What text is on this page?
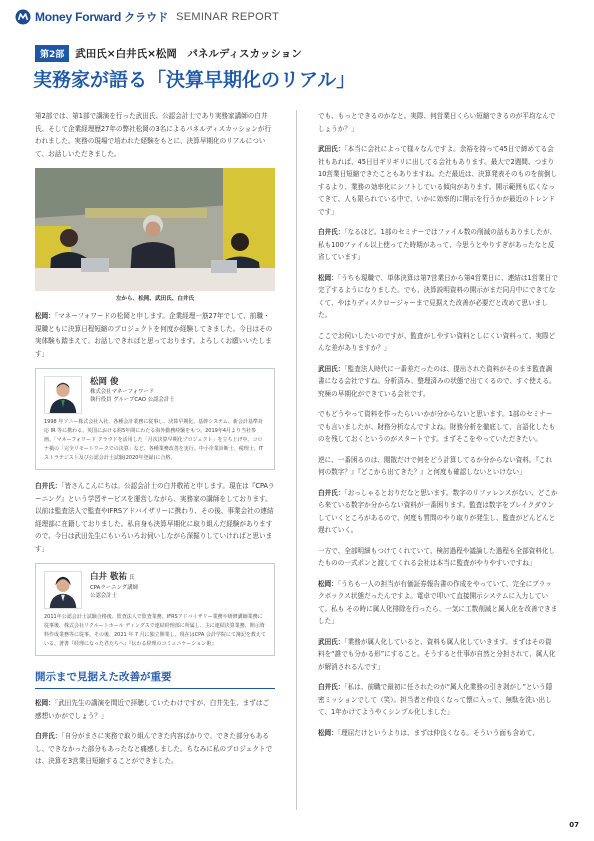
Money Forward クラウド SEMINAR REPORT
第2部	武田氏×白井氏×松岡　パネルディスカッション
実務家が語る「決算早期化のリアル」

第2部では、第1部で講演を行った武田氏、公認会計士であり実務家講師の白井氏、そして企業経理歴27年の弊社松岡の3名によるパネルディスカッションが行われました。実務の現場で培われた経験をもとに、決算早期化のリアルについて、お話しいただきました。

左から、松岡、武田氏、白井氏

松岡：「マネーフォワードの松岡と申します。企業経理一筋27年でして、前職・現職ともに決算日程短縮のプロジェクトを何度か経験してきました。今日はその実体験も踏まえて、お話しできればと思っております。よろしくお願いいたします」

松岡 俊
株式会社マネーフォワード
執行役員 グループCAO 公認会計士

1998 年ソニー株式会社入社。各種会計業務に従事し、決算早期化、基幹システム、新会計基準対応 IR 等に携わる。英国における約5年間にわたる海外勤務経験をもつ。2019年4月より当社参画。「マネーフォワード クラウドを活用した「月次決算早期化プロジェクト」を立ち上げ中。コロナ禍の「完全リモートワークでの決算」など、各種業務改善を実行。中小企業診断士、税理士、ITストラテジスト及び公認会計士試験(2020年登録)に合格。

白井氏：「皆さんこんにちは。公認会計士の白井敬祐と申します。現在は『CPAラーニング』という学習サービスを運営しながら、実務家の講師をしております。以前は監査法人で監査やIFRSアドバイザリーに携わり、その後、事業会社の連結経理部に在籍しておりました。私自身も決算早期化に取り組んだ経験がありますので、今日は武田先生にもいろいろお伺いしながら深掘りしていければと思います」

白井 敬祐 氏
CPAラーニング講師
公認会計士

2011年公認会計士試験合格後、監査法人で監査業務、IFRSアドバイザリー業務や研修講師業務に従事後、株式会社リクルートホール ディングスで連結経理部に所属し、主に連結決算業務、開示資料作成業務等に従事。その後、2021 年 7 月に独立開業し、現在はCPA 会計学院にて簿記を教えている。著書『経理になった君たちへ』『伝わる経理のコミュニケーション術』

開示まで見据えた改善が重要

松岡：「武田先生の講演を間近で拝聴していたわけですが、白井先生、まずはご感想いかがでしょう？」

白井氏：「自分がまさに実務で取り組んできた内容ばかりで、できた部分もあるし、できなかった部分もあったなと痛感しました。ちなみに私のプロジェクトでは、決算を3営業日短縮することができました。

でも、もっとできるのかなと。実際、何営業日くらい短縮できるのが平均なんでしょうか？」

武田氏：「本当に会社によって様々なんですよ。余裕を持って45日で締めてる会社もあれば、45日目ギリギリに出してる会社もあります。最大で2週間、つまり10営業日短縮できたこともありますね。ただ最近は、決算発表そのものを前倒しするより、業務の効率化にシフトしている傾向があります。開示範囲も広くなってきて、人も限られている中で、いかに効率的に開示を行うかが最近のトレンドです」

白井氏：「なるほど。1部のセミナーではファイル数の削減の話もありましたが、私も100ファイル以上使ってた時期があって、今思うとやりすぎがあったなと反省しています」

松岡：「うちも現職で、単体決算は第7営業日から第4営業日に、連結は1営業日で完了するようになりました。でも、決算説明資料の開示がまだ同月中にできてなくて、やはりディスクロージャーまで見据えた改善が必要だと改めて思いました。

ここでお伺いしたいのですが、監査がしやすい資料としにくい資料って、実際どんな差がありますか？」

武田氏：「監査法人時代に一番差だったのは、提出された資料がそのまま監査調書になる会社ですね。分析済み、整理済みの状態で出てくるので、すぐ使える。究極の早期化ができている会社です。

でもどうやって資料を作ったらいいかが分からないと思います。1部のセミナーでも言いましたが、財務分析なんですよね。財務分析を徹底して、言語化したものを残しておくというのがスタートです。まずそこをやっていただきたい。

逆に、一番困るのは、閲散だけで何をどう計算してるか分からない資料。『これ何の数字？』『どこから出てきた？』と何度も確認しないといけない」

白井氏：「おっしゃるとおりだなと思います。数字のリファレンスがない、どこから来ている数字か分からない資料が一番困ります。監査は数字をブレイクダウンしていくところがあるので、何度も質問のやり取りが発生し、監査がどんどんと遅れていく。

一方で、全部明細もつけてくれていて、検討過程や議論した過程も全部資料化したものの一式ポンと渡してくれる会社は本当に監査がやりやすいですね」

松岡：「うちも一人の担当が有価証券報告書の作成をやっていて、完全にブラックボックス状態だったんですよ。電卓で叩いて直接開示システムに入力していて。私も その時に属人化排除を行ったら、一気に工数削減と属人化を改善できました」

武田氏：「業務が属人化していると、資料も属人化していきます。まずはその資料を“誰でも分かる形”にすること。そうすると仕事が自然と分担されて、属人化が解消されるんです」

白井氏：「私は、前職で最初に任されたのが“属人化業務の引き剥がし”という隠密ミッションでして（笑）。担当者と仲良くなって懐に入って、無駄を洗い出して、1年かけてようやくシンプル化しました」

松岡：「理屈だけというよりは、まずは仲良くなる。そういう面も含めて、

07
